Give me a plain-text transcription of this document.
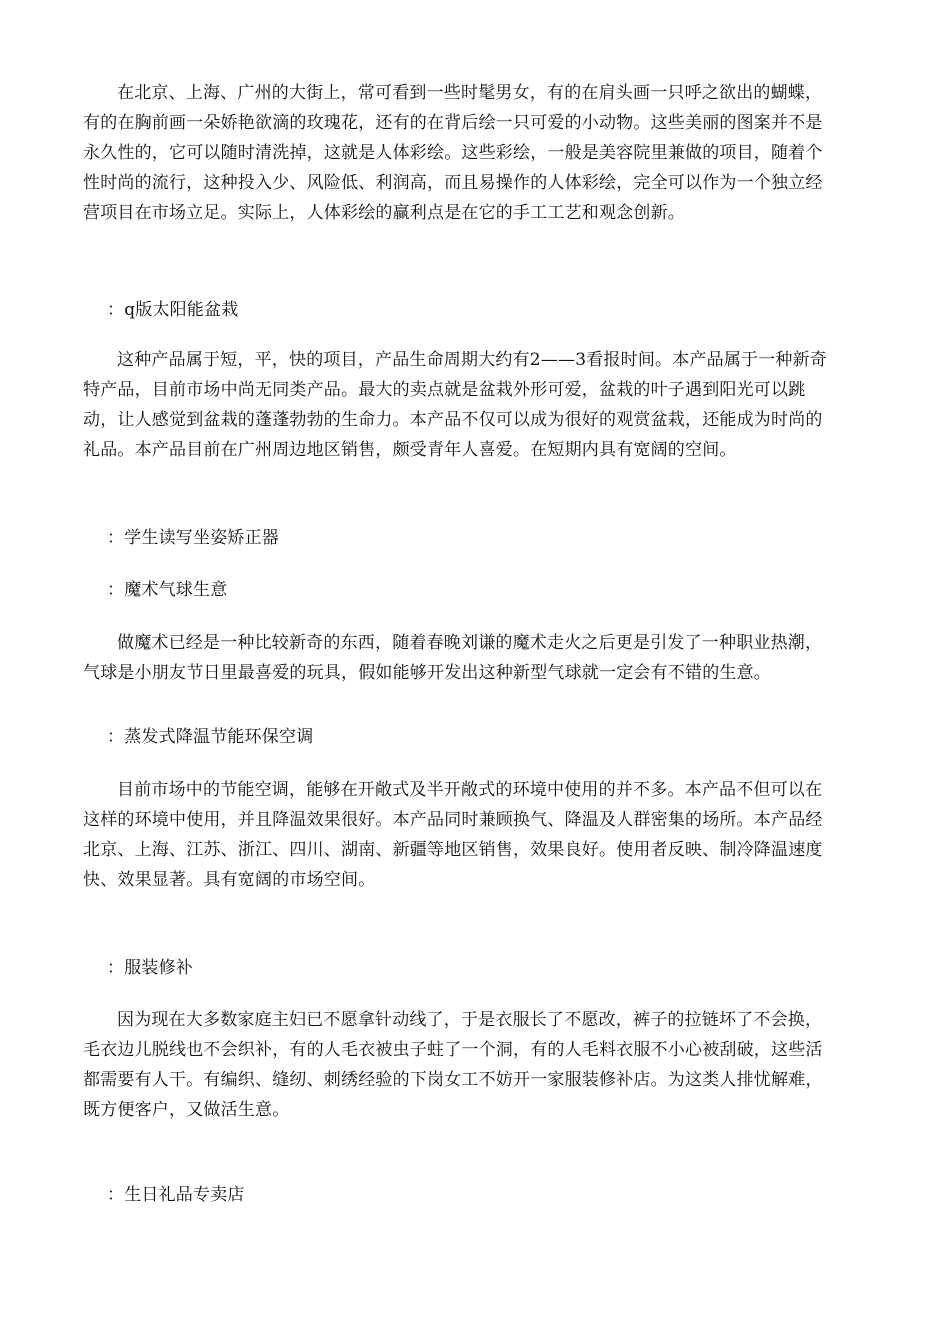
在北京、上海、广州的大街上，常可看到一些时髦男女，有的在肩头画一只呼之欲出的蝴蝶，
有的在胸前画一朵娇艳欲滴的玫瑰花，还有的在背后绘一只可爱的小动物。这些美丽的图案并不是
永久性的，它可以随时清洗掉，这就是人体彩绘。这些彩绘，一般是美容院里兼做的项目，随着个
性时尚的流行，这种投入少、风险低、利润高，而且易操作的人体彩绘，完全可以作为一个独立经
营项目在市场立足。实际上，人体彩绘的赢利点是在它的手工工艺和观念创新。
：q版太阳能盆栽
这种产品属于短，平，快的项目，产品生命周期大约有2——3看报时间。本产品属于一种新奇
特产品，目前市场中尚无同类产品。最大的卖点就是盆栽外形可爱，盆栽的叶子遇到阳光可以跳
动，让人感觉到盆栽的蓬蓬勃勃的生命力。本产品不仅可以成为很好的观赏盆栽，还能成为时尚的
礼品。本产品目前在广州周边地区销售，颇受青年人喜爱。在短期内具有宽阔的空间。
：学生读写坐姿矫正器
：魔术气球生意
做魔术已经是一种比较新奇的东西，随着春晚刘谦的魔术走火之后更是引发了一种职业热潮，
气球是小朋友节日里最喜爱的玩具，假如能够开发出这种新型气球就一定会有不错的生意。
：蒸发式降温节能环保空调
目前市场中的节能空调，能够在开敞式及半开敞式的环境中使用的并不多。本产品不但可以在
这样的环境中使用，并且降温效果很好。本产品同时兼顾换气、降温及人群密集的场所。本产品经
北京、上海、江苏、浙江、四川、湖南、新疆等地区销售，效果良好。使用者反映、制冷降温速度
快、效果显著。具有宽阔的市场空间。
：服装修补
因为现在大多数家庭主妇已不愿拿针动线了，于是衣服长了不愿改，裤子的拉链坏了不会换，
毛衣边儿脱线也不会织补，有的人毛衣被虫子蛀了一个洞，有的人毛料衣服不小心被刮破，这些活
都需要有人干。有编织、缝纫、刺绣经验的下岗女工不妨开一家服装修补店。为这类人排忧解难，
既方便客户，又做活生意。
：生日礼品专卖店
